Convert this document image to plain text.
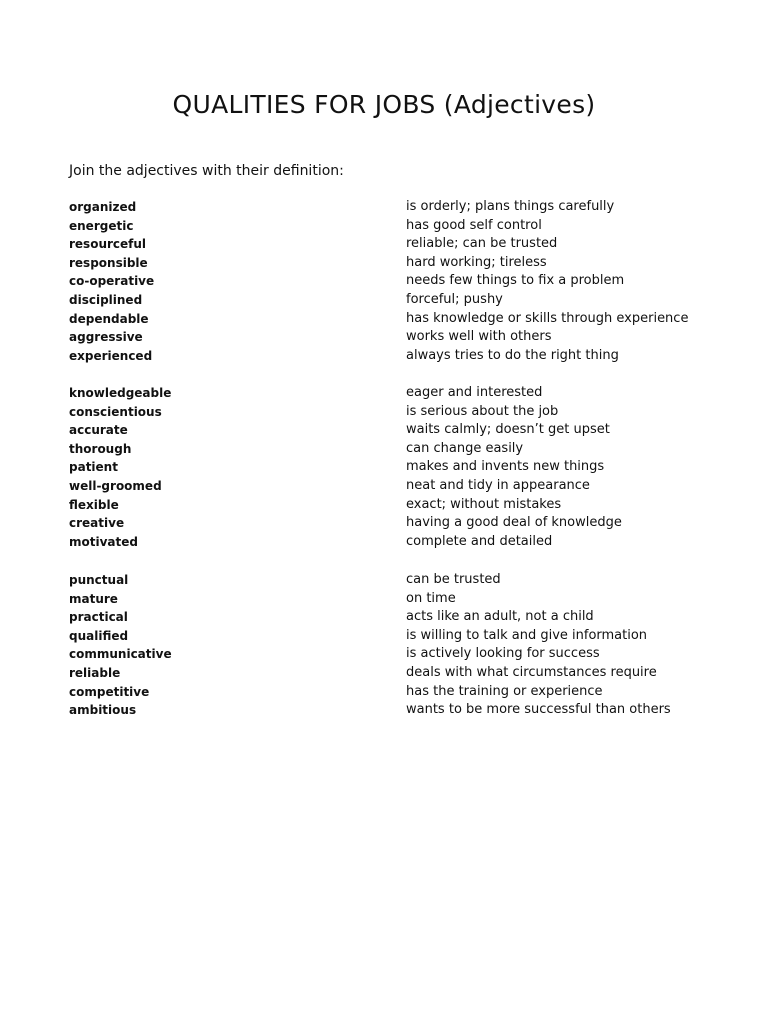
QUALITIES FOR JOBS (Adjectives)
Join the adjectives with their definition:
organized
energetic
resourceful
responsible
co-operative
disciplined
dependable
aggressive
experienced
is orderly; plans things carefully
has good self control
reliable; can be trusted
hard working; tireless
needs few things to fix a problem
forceful; pushy
has knowledge or skills through experience
works well with others
always tries to do the right thing
knowledgeable
conscientious
accurate
thorough
patient
well-groomed
flexible
creative
motivated
eager and interested
is serious about the job
waits calmly; doesn’t get upset
can change easily
makes and invents new things
neat and tidy in appearance
exact; without mistakes
having a good deal of knowledge
complete and detailed
punctual
mature
practical
qualified
communicative
reliable
competitive
ambitious
can be trusted
on time
acts like an adult, not a child
is willing to talk and give information
is actively looking for success
deals with what circumstances require
has the training or experience
wants to be more successful than others
